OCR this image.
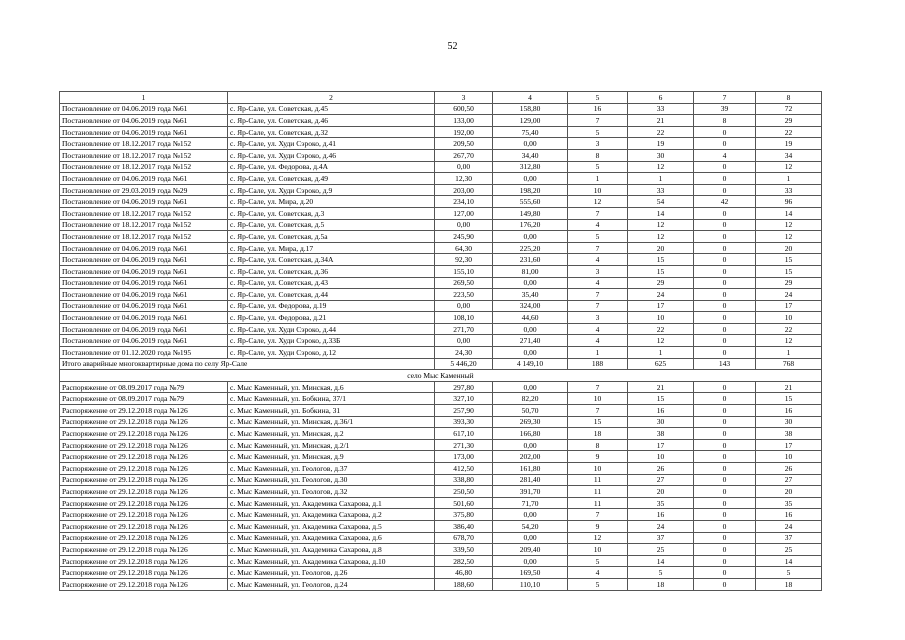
52
1	2	3	4	5	6	7	8
Постановление от 04.06.2019 года №61	с. Яр-Сале, ул. Советская, д.45	600,50	158,80	16	33	39	72
Постановление от 04.06.2019 года №61	с. Яр-Сале, ул. Советская, д.46	133,00	129,00	7	21	8	29
Постановление от 04.06.2019 года №61	с. Яр-Сале, ул. Советская, д.32	192,00	75,40	5	22	0	22
Постановление от 18.12.2017 года №152	с. Яр-Сале, ул. Худи Сэроко, д.41	209,50	0,00	3	19	0	19
Постановление от 18.12.2017 года №152	с. Яр-Сале, ул. Худи Сэроко, д.46	267,70	34,40	8	30	4	34
Постановление от 18.12.2017 года №152	с. Яр-Сале, ул. Федорова, д.4А	0,00	312,80	5	12	0	12
Постановление от 04.06.2019 года №61	с. Яр-Сале, ул. Советская, д.49	12,30	0,00	1	1	0	1
Постановление от 29.03.2019 года №29	с. Яр-Сале, ул. Худи Сэроко, д.9	203,00	198,20	10	33	0	33
Постановление от 04.06.2019 года №61	с. Яр-Сале, ул. Мира, д.20	234,10	555,60	12	54	42	96
Постановление от 18.12.2017 года №152	с. Яр-Сале, ул. Советская, д.3	127,00	149,80	7	14	0	14
Постановление от 18.12.2017 года №152	с. Яр-Сале, ул. Советская, д.5	0,00	176,20	4	12	0	12
Постановление от 18.12.2017 года №152	с. Яр-Сале, ул. Советская, д.5а	245,90	0,00	5	12	0	12
Постановление от 04.06.2019 года №61	с. Яр-Сале, ул. Мира, д.17	64,30	225,20	7	20	0	20
Постановление от 04.06.2019 года №61	с. Яр-Сале, ул. Советская, д.34А	92,30	231,60	4	15	0	15
Постановление от 04.06.2019 года №61	с. Яр-Сале, ул. Советская, д.36	155,10	81,00	3	15	0	15
Постановление от 04.06.2019 года №61	с. Яр-Сале, ул. Советская, д.43	269,50	0,00	4	29	0	29
Постановление от 04.06.2019 года №61	с. Яр-Сале, ул. Советская, д.44	223,50	35,40	7	24	0	24
Постановление от 04.06.2019 года №61	с. Яр-Сале, ул. Федорова, д.19	0,00	324,00	7	17	0	17
Постановление от 04.06.2019 года №61	с. Яр-Сале, ул. Федорова, д.21	108,10	44,60	3	10	0	10
Постановление от 04.06.2019 года №61	с. Яр-Сале, ул. Худи Сэроко, д.44	271,70	0,00	4	22	0	22
Постановление от 04.06.2019 года №61	с. Яр-Сале, ул. Худи Сэроко, д.33Б	0,00	271,40	4	12	0	12
Постановление от 01.12.2020 года №195	с. Яр-Сале, ул. Худи Сэроко, д.12	24,30	0,00	1	1	0	1
Итого аварийные многоквартирные дома по селу Яр-Сале		5 446,20	4 149,10	188	625	143	768
село Мыс Каменный							
Распоряжение от 08.09.2017 года №79	с. Мыс Каменный, ул. Минская, д.6	297,80	0,00	7	21	0	21
Распоряжение от 08.09.2017 года №79	с. Мыс Каменный, ул. Бобкина, 37/1	327,10	82,20	10	15	0	15
Распоряжение от 29.12.2018 года №126	с. Мыс Каменный, ул. Бобкина, 31	257,90	50,70	7	16	0	16
Распоряжение от 29.12.2018 года №126	с. Мыс Каменный, ул. Минская, д.36/1	393,30	269,30	15	30	0	30
Распоряжение от 29.12.2018 года №126	с. Мыс Каменный, ул. Минская, д.2	617,10	166,80	18	38	0	38
Распоряжение от 29.12.2018 года №126	с. Мыс Каменный, ул. Минская, д.2/1	271,30	0,00	8	17	0	17
Распоряжение от 29.12.2018 года №126	с. Мыс Каменный, ул. Минская, д.9	173,00	202,00	9	10	0	10
Распоряжение от 29.12.2018 года №126	с. Мыс Каменный, ул. Геологов, д.37	412,50	161,80	10	26	0	26
Распоряжение от 29.12.2018 года №126	с. Мыс Каменный, ул. Геологов, д.30	338,80	281,40	11	27	0	27
Распоряжение от 29.12.2018 года №126	с. Мыс Каменный, ул. Геологов, д.32	250,50	391,70	11	20	0	20
Распоряжение от 29.12.2018 года №126	с. Мыс Каменный, ул. Академика Сахарова, д.1	501,60	71,70	11	35	0	35
Распоряжение от 29.12.2018 года №126	с. Мыс Каменный, ул. Академика Сахарова, д.2	375,80	0,00	7	16	0	16
Распоряжение от 29.12.2018 года №126	с. Мыс Каменный, ул. Академика Сахарова, д.5	386,40	54,20	9	24	0	24
Распоряжение от 29.12.2018 года №126	с. Мыс Каменный, ул. Академика Сахарова, д.6	678,70	0,00	12	37	0	37
Распоряжение от 29.12.2018 года №126	с. Мыс Каменный, ул. Академика Сахарова, д.8	339,50	209,40	10	25	0	25
Распоряжение от 29.12.2018 года №126	с. Мыс Каменный, ул. Академика Сахарова, д.10	282,50	0,00	5	14	0	14
Распоряжение от 29.12.2018 года №126	с. Мыс Каменный, ул. Геологов, д.26	46,80	169,50	4	5	0	5
Распоряжение от 29.12.2018 года №126	с. Мыс Каменный, ул. Геологов, д.24	188,60	110,10	5	18	0	18
